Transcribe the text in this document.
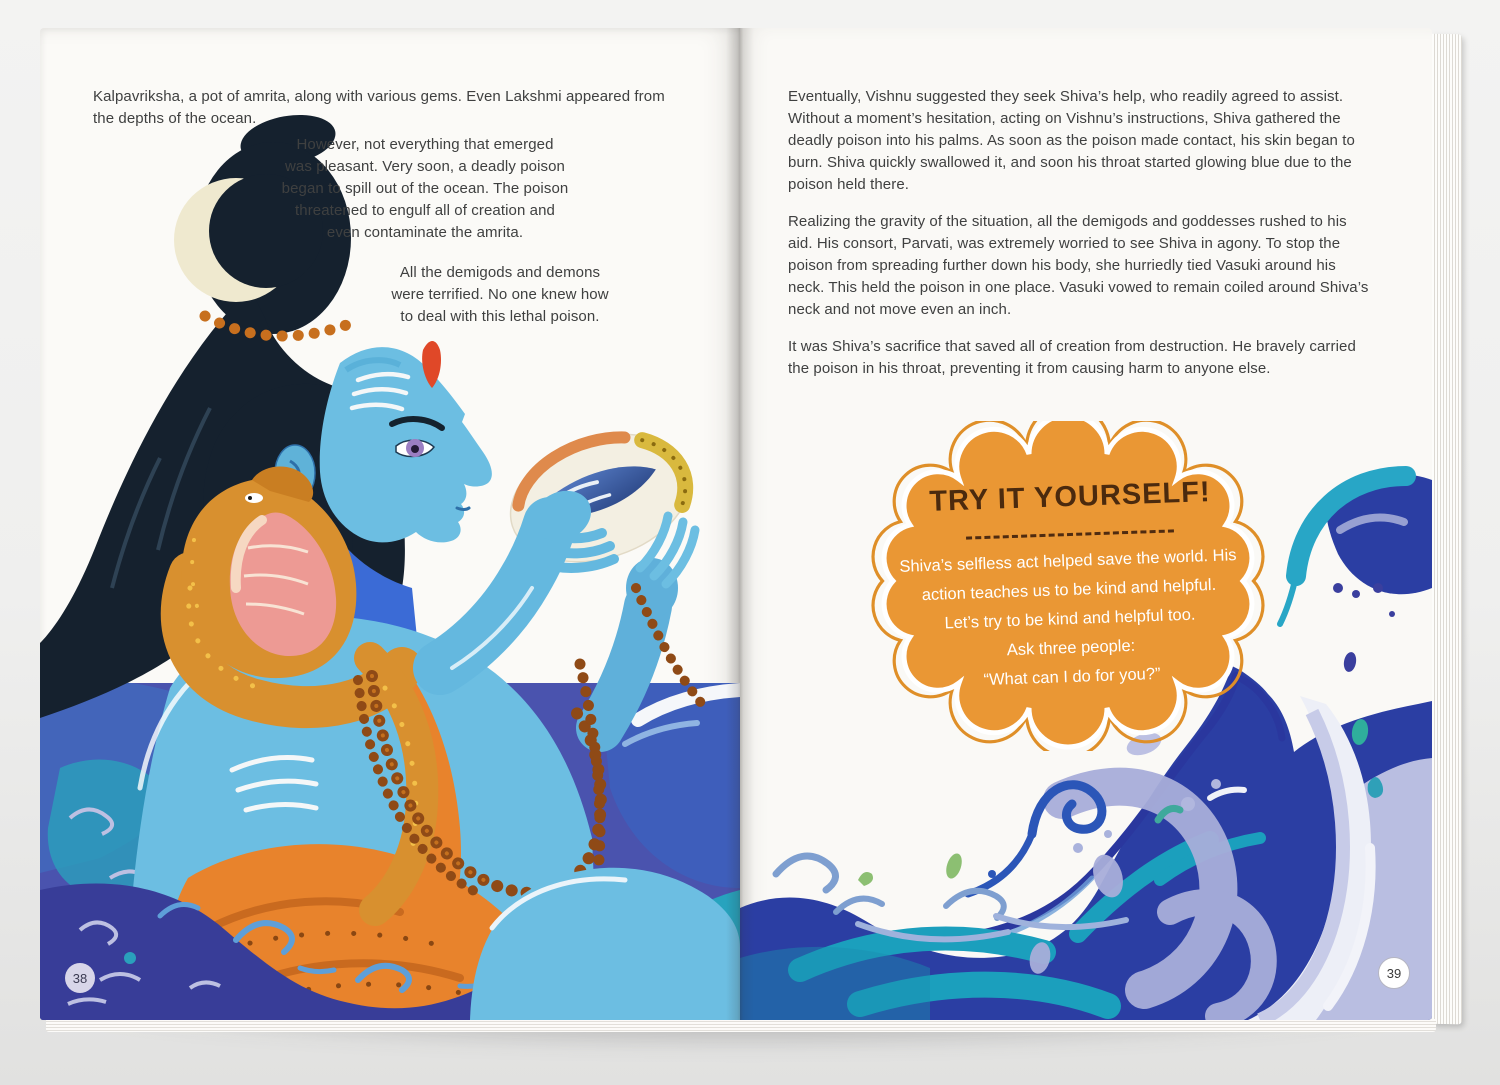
Kalpavriksha, a pot of amrita, along with various gems. Even Lakshmi appeared from
the depths of the ocean.
However, not everything that emerged
was pleasant. Very soon, a deadly poison
began to spill out of the ocean. The poison
threatened to engulf all of creation and
even contaminate the amrita.
All the demigods and demons
were terrified. No one knew how
to deal with this lethal poison.
38
Eventually, Vishnu suggested they seek Shiva’s help, who readily agreed to assist.
Without a moment’s hesitation, acting on Vishnu’s instructions, Shiva gathered the
deadly poison into his palms. As soon as the poison made contact, his skin began to
burn. Shiva quickly swallowed it, and soon his throat started glowing blue due to the
poison held there.
Realizing the gravity of the situation, all the demigods and goddesses rushed to his
aid. His consort, Parvati, was extremely worried to see Shiva in agony. To stop the
poison from spreading further down his body, she hurriedly tied Vasuki around his
neck. This held the poison in one place. Vasuki vowed to remain coiled around Shiva’s
neck and not move even an inch.
It was Shiva’s sacrifice that saved all of creation from destruction. He bravely carried
the poison in his throat, preventing it from causing harm to anyone else.
TRY IT YOURSELF!
Shiva’s selfless act helped save the world. His
action teaches us to be kind and helpful.
Let’s try to be kind and helpful too.
Ask three people:
“What can I do for you?”
39
